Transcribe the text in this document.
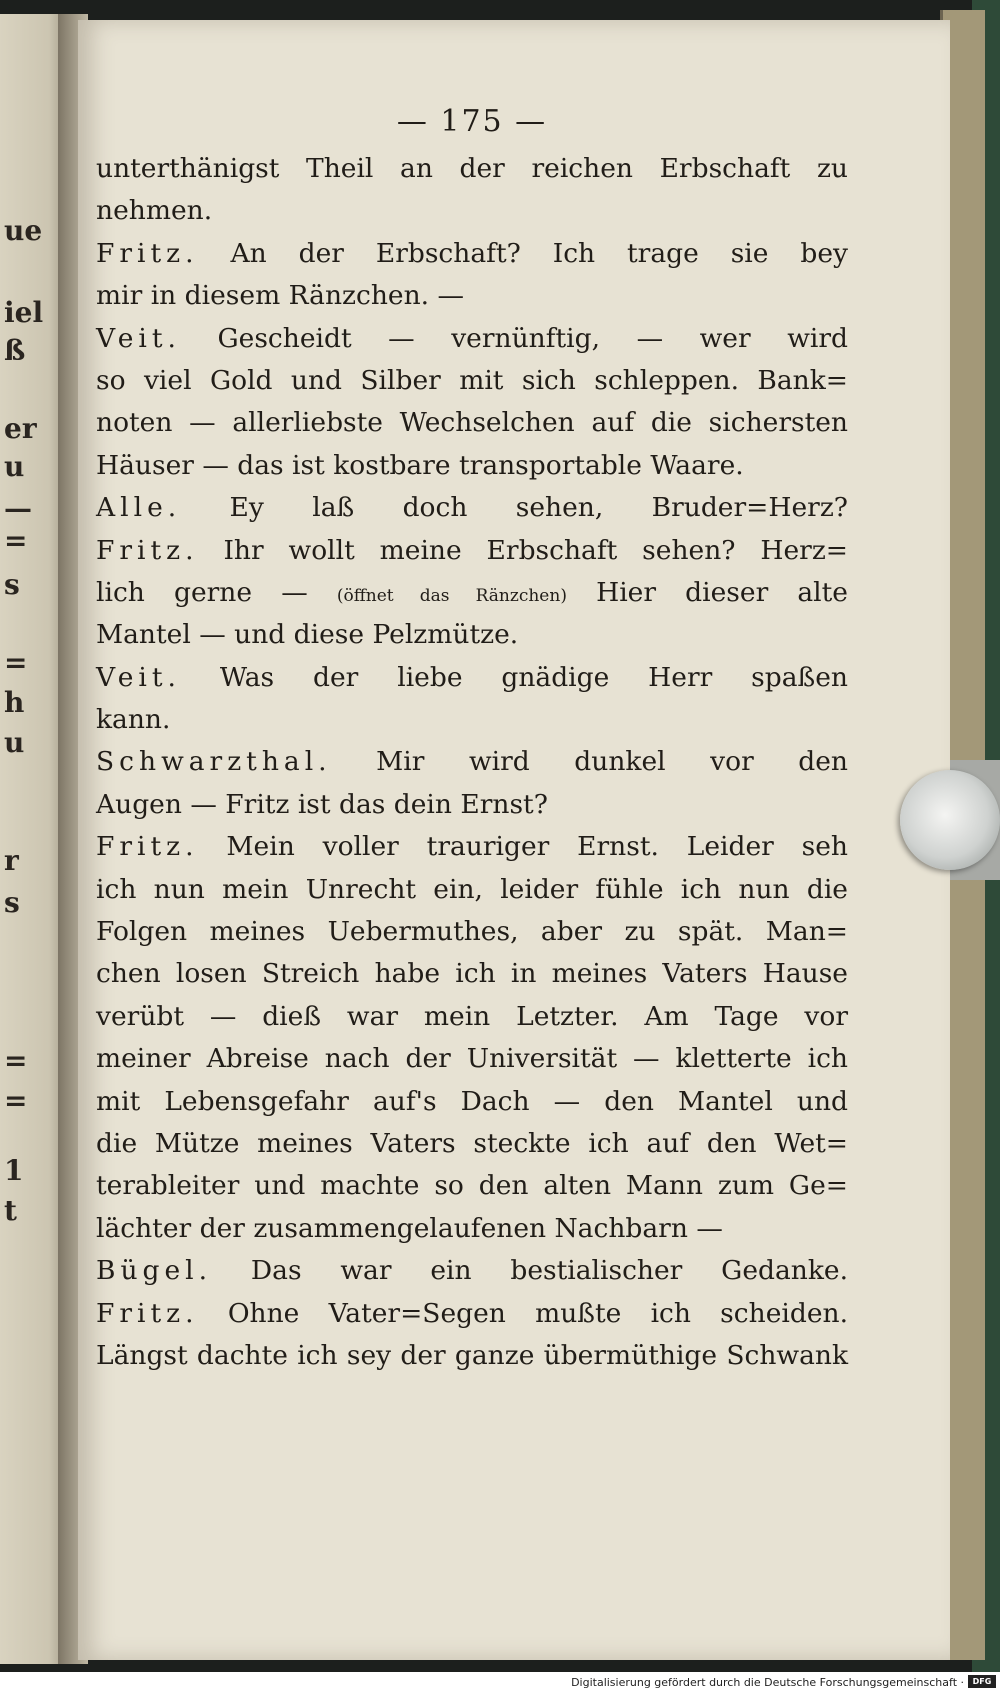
ue
iel
ß
er
u
—
=
s
=
h
u
r
s
=
=
1
t
— 175 —
unterthänigst Theil an der reichen Erbschaft zu
nehmen.
Fritz. An der Erbschaft? Ich trage sie bey
mir in diesem Ränzchen. —
Veit. Gescheidt — vernünftig, — wer wird
so viel Gold und Silber mit sich schleppen. Bank=
noten — allerliebste Wechselchen auf die sichersten
Häuser — das ist kostbare transportable Waare.
Alle. Ey laß doch sehen, Bruder=Herz?
Fritz. Ihr wollt meine Erbschaft sehen? Herz=
lich gerne — (öffnet das Ränzchen) Hier dieser alte
Mantel — und diese Pelzmütze.
Veit. Was der liebe gnädige Herr spaßen
kann.
Schwarzthal. Mir wird dunkel vor den
Augen — Fritz ist das dein Ernst?
Fritz. Mein voller trauriger Ernst. Leider seh
ich nun mein Unrecht ein, leider fühle ich nun die
Folgen meines Uebermuthes, aber zu spät. Man=
chen losen Streich habe ich in meines Vaters Hause
verübt — dieß war mein Letzter. Am Tage vor
meiner Abreise nach der Universität — kletterte ich
mit Lebensgefahr auf's Dach — den Mantel und
die Mütze meines Vaters steckte ich auf den Wet=
terableiter und machte so den alten Mann zum Ge=
lächter der zusammengelaufenen Nachbarn —
Bügel. Das war ein bestialischer Gedanke.
Fritz. Ohne Vater=Segen mußte ich scheiden.
Längst dachte ich sey der ganze übermüthige Schwank
Digitalisierung gefördert durch die Deutsche Forschungsgemeinschaft ·	DFG
